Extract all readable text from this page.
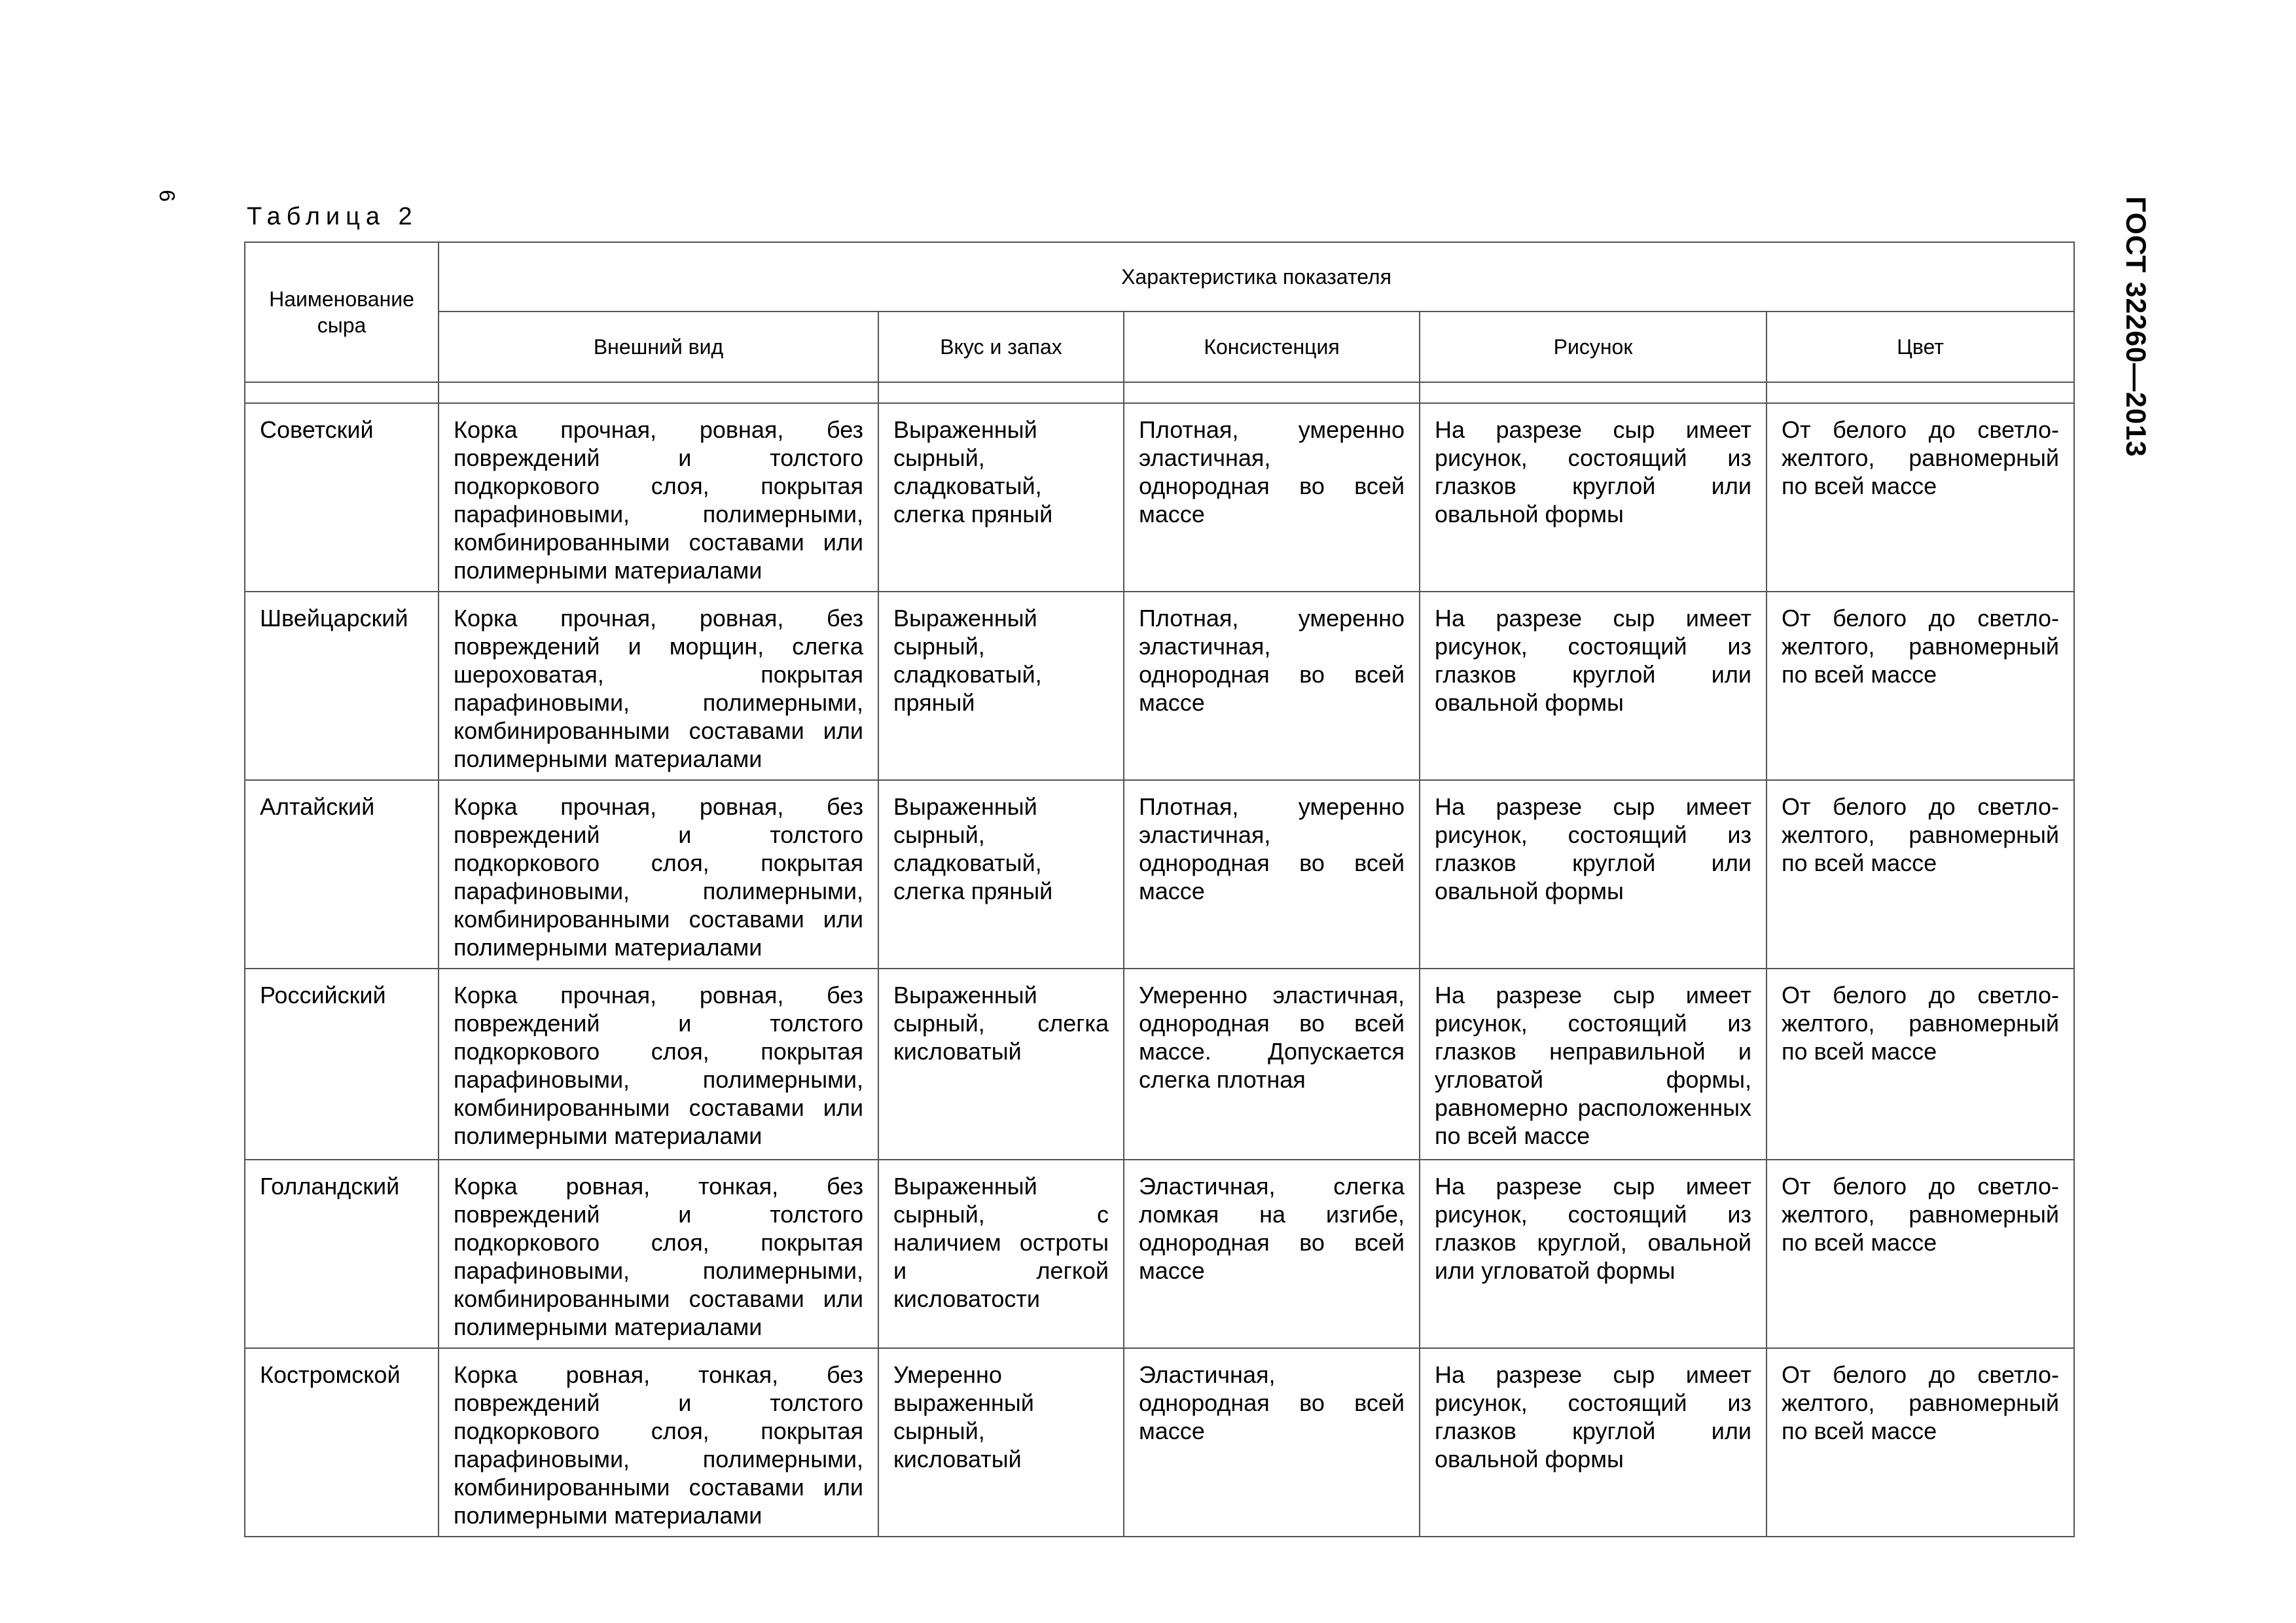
6
ГОСТ 32260—2013
Таблица 2
Наименование сыра	Характеристика показателя				
	Внешний вид	Вкус и запах	Консистенция	Рисунок	Цвет

Советский	Корка прочная, ровная, без повреждений и толстого подкоркового слоя, покрытая парафиновыми, полимерными, комбинированными составами или полимерными материалами	Выраженный сырный, сладковатый, слегка пряный	Плотная, умеренно эластичная, однородная во всей массе	На разрезе сыр имеет рисунок, состоящий из глазков круглой или овальной формы	От белого до светло-желтого, равномерный по всей массе
Швейцарский	Корка прочная, ровная, без повреждений и морщин, слегка шероховатая, покрытая парафиновыми, полимерными, комбинированными составами или полимерными материалами	Выраженный сырный, сладковатый, пряный	Плотная, умеренно эластичная, однородная во всей массе	На разрезе сыр имеет рисунок, состоящий из глазков круглой или овальной формы	От белого до светло-желтого, равномерный по всей массе
Алтайский	Корка прочная, ровная, без повреждений и толстого подкоркового слоя, покрытая парафиновыми, полимерными, комбинированными составами или полимерными материалами	Выраженный сырный, сладковатый, слегка пряный	Плотная, умеренно эластичная, однородная во всей массе	На разрезе сыр имеет рисунок, состоящий из глазков круглой или овальной формы	От белого до светло-желтого, равномерный по всей массе
Российский	Корка прочная, ровная, без повреждений и толстого подкоркового слоя, покрытая парафиновыми, полимерными, комбинированными составами или полимерными материалами	Выраженный сырный, слегка кисловатый	Умеренно эластичная, однородная во всей массе. Допускается слегка плотная	На разрезе сыр имеет рисунок, состоящий из глазков неправильной и угловатой формы, равномерно расположенных по всей массе	От белого до светло-желтого, равномерный по всей массе
Голландский	Корка ровная, тонкая, без повреждений и толстого подкоркового слоя, покрытая парафиновыми, полимерными, комбинированными составами или полимерными материалами	Выраженный сырный, с наличием остроты и легкой кисловатости	Эластичная, слегка ломкая на изгибе, однородная во всей массе	На разрезе сыр имеет рисунок, состоящий из глазков круглой, овальной или угловатой формы	От белого до светло-желтого, равномерный по всей массе
Костромской	Корка ровная, тонкая, без повреждений и толстого подкоркового слоя, покрытая парафиновыми, полимерными, комбинированными составами или полимерными материалами	Умеренно выраженный сырный, кисловатый	Эластичная, однородная во всей массе	На разрезе сыр имеет рисунок, состоящий из глазков круглой или овальной формы	От белого до светло-желтого, равномерный по всей массе
